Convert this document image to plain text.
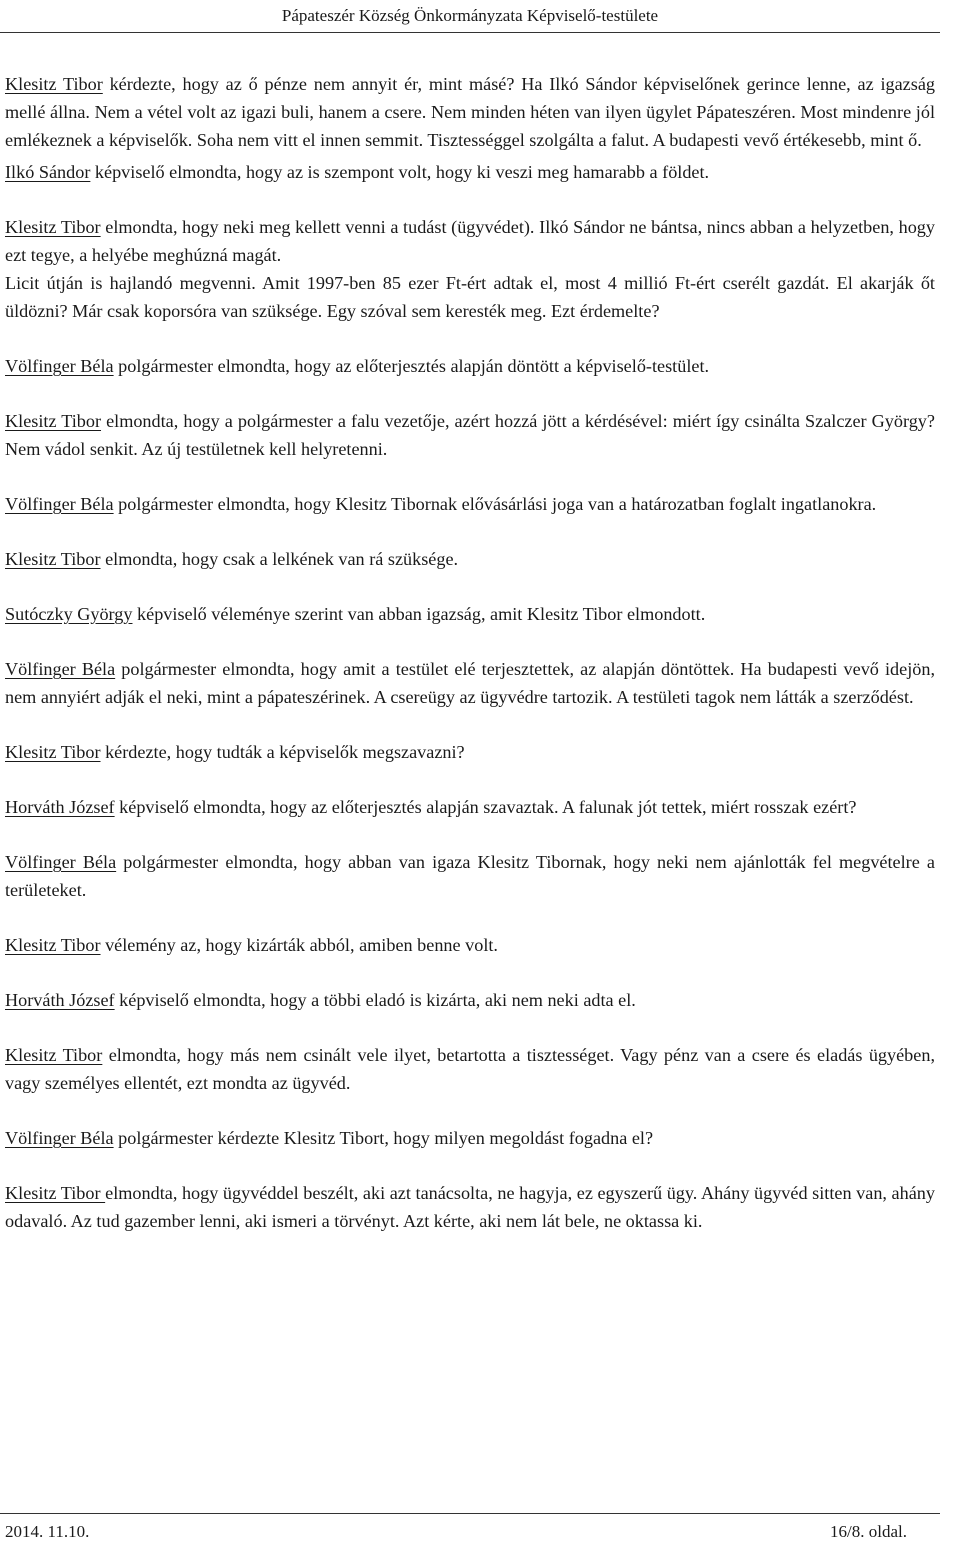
Pápateszér Község Önkormányzata Képviselő-testülete

Klesitz Tibor kérdezte, hogy az ő pénze nem annyit ér, mint másé? Ha Ilkó Sándor képviselőnek gerince lenne, az igazság mellé állna. Nem a vétel volt az igazi buli, hanem a csere. Nem minden héten van ilyen ügylet Pápateszéren. Most mindenre jól emlékeznek a képviselők. Soha nem vitt el innen semmit. Tisztességgel szolgálta a falut. A budapesti vevő értékesebb, mint ő.

Ilkó Sándor képviselő elmondta, hogy az is szempont volt, hogy ki veszi meg hamarabb a földet.

Klesitz Tibor elmondta, hogy neki meg kellett venni a tudást (ügyvédet). Ilkó Sándor ne bántsa, nincs abban a helyzetben, hogy ezt tegye, a helyébe meghúzná magát.

Licit útján is hajlandó megvenni. Amit 1997-ben 85 ezer Ft-ért adtak el, most 4 millió Ft-ért cserélt gazdát. El akarják őt üldözni? Már csak koporsóra van szüksége. Egy szóval sem keresték meg. Ezt érdemelte?

Völfinger Béla polgármester elmondta, hogy az előterjesztés alapján döntött a képviselő-testület.

Klesitz Tibor elmondta, hogy a polgármester a falu vezetője, azért hozzá jött a kérdésével: miért így csinálta Szalczer György? Nem vádol senkit. Az új testületnek kell helyretenni.

Völfinger Béla polgármester elmondta, hogy Klesitz Tibornak elővásárlási joga van a határozatban foglalt ingatlanokra.

Klesitz Tibor elmondta, hogy csak a lelkének van rá szüksége.

Sutóczky György képviselő véleménye szerint van abban igazság, amit Klesitz Tibor elmondott.

Völfinger Béla polgármester elmondta, hogy amit a testület elé terjesztettek, az alapján döntöttek. Ha budapesti vevő idejön, nem annyiért adják el neki, mint a pápateszérinek. A csereügy az ügyvédre tartozik. A testületi tagok nem látták a szerződést.

Klesitz Tibor kérdezte, hogy tudták a képviselők megszavazni?

Horváth József képviselő elmondta, hogy az előterjesztés alapján szavaztak. A falunak jót tettek, miért rosszak ezért?

Völfinger Béla polgármester elmondta, hogy abban van igaza Klesitz Tibornak, hogy neki nem ajánlották fel megvételre a területeket.

Klesitz Tibor vélemény az, hogy kizárták abból, amiben benne volt.

Horváth József képviselő elmondta, hogy a többi eladó is kizárta, aki nem neki adta el.

Klesitz Tibor elmondta, hogy más nem csinált vele ilyet, betartotta a tisztességet. Vagy pénz van a csere és eladás ügyében, vagy személyes ellentét, ezt mondta az ügyvéd.

Völfinger Béla polgármester kérdezte Klesitz Tibort, hogy milyen megoldást fogadna el?

Klesitz Tibor elmondta, hogy ügyvéddel beszélt, aki azt tanácsolta, ne hagyja, ez egyszerű ügy. Ahány ügyvéd sitten van, ahány odavaló. Az tud gazember lenni, aki ismeri a törvényt. Azt kérte, aki nem lát bele, ne oktassa ki.

2014. 11.10.	16/8. oldal.
